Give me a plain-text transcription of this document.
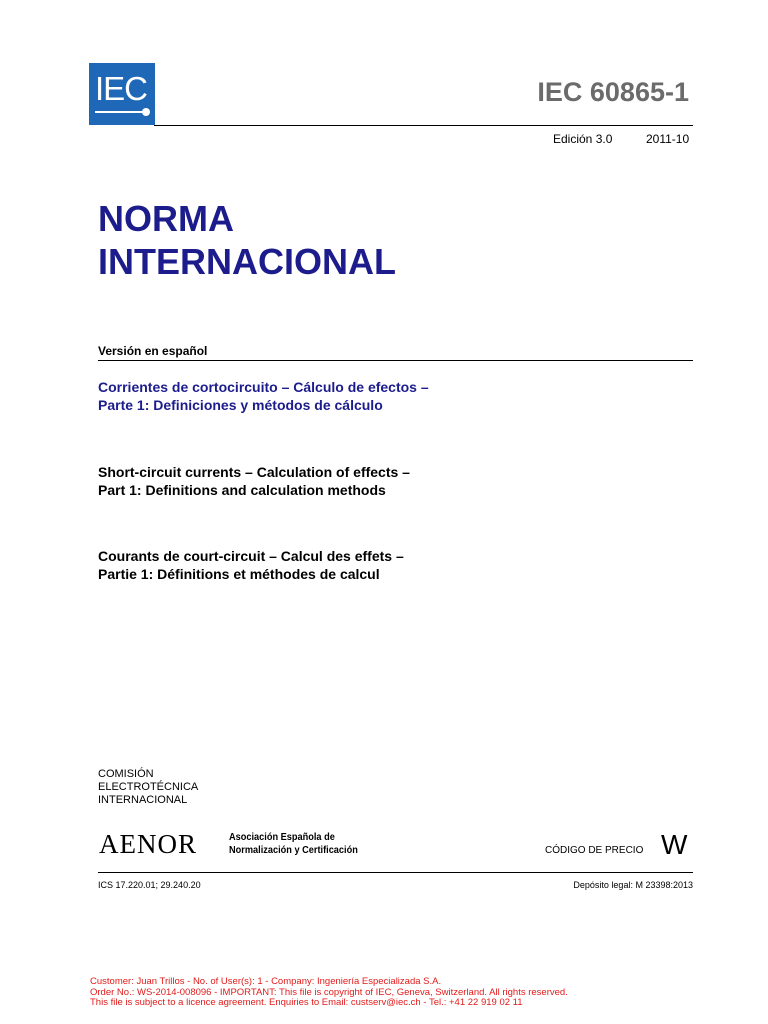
IEC	IEC 60865-1
Edición 3.0	2011-10
NORMA
INTERNACIONAL
Versión en español
Corrientes de cortocircuito – Cálculo de efectos –
Parte 1: Definiciones y métodos de cálculo
Short-circuit currents – Calculation of effects –
Part 1: Definitions and calculation methods
Courants de court-circuit – Calcul des effets –
Partie 1: Définitions et méthodes de calcul
COMISIÓN
ELECTROTÉCNICA
INTERNACIONAL
AENOR	Asociación Española de
Normalización y Certificación	CÓDIGO DE PRECIO W
ICS 17.220.01; 29.240.20	Depósito legal: M 23398:2013
Customer: Juan Trillos - No. of User(s): 1 - Company: Ingeniería Especializada S.A.
Order No.: WS-2014-008096 - IMPORTANT: This file is copyright of IEC, Geneva, Switzerland. All rights reserved.
This file is subject to a licence agreement. Enquiries to Email: custserv@iec.ch - Tel.: +41 22 919 02 11
